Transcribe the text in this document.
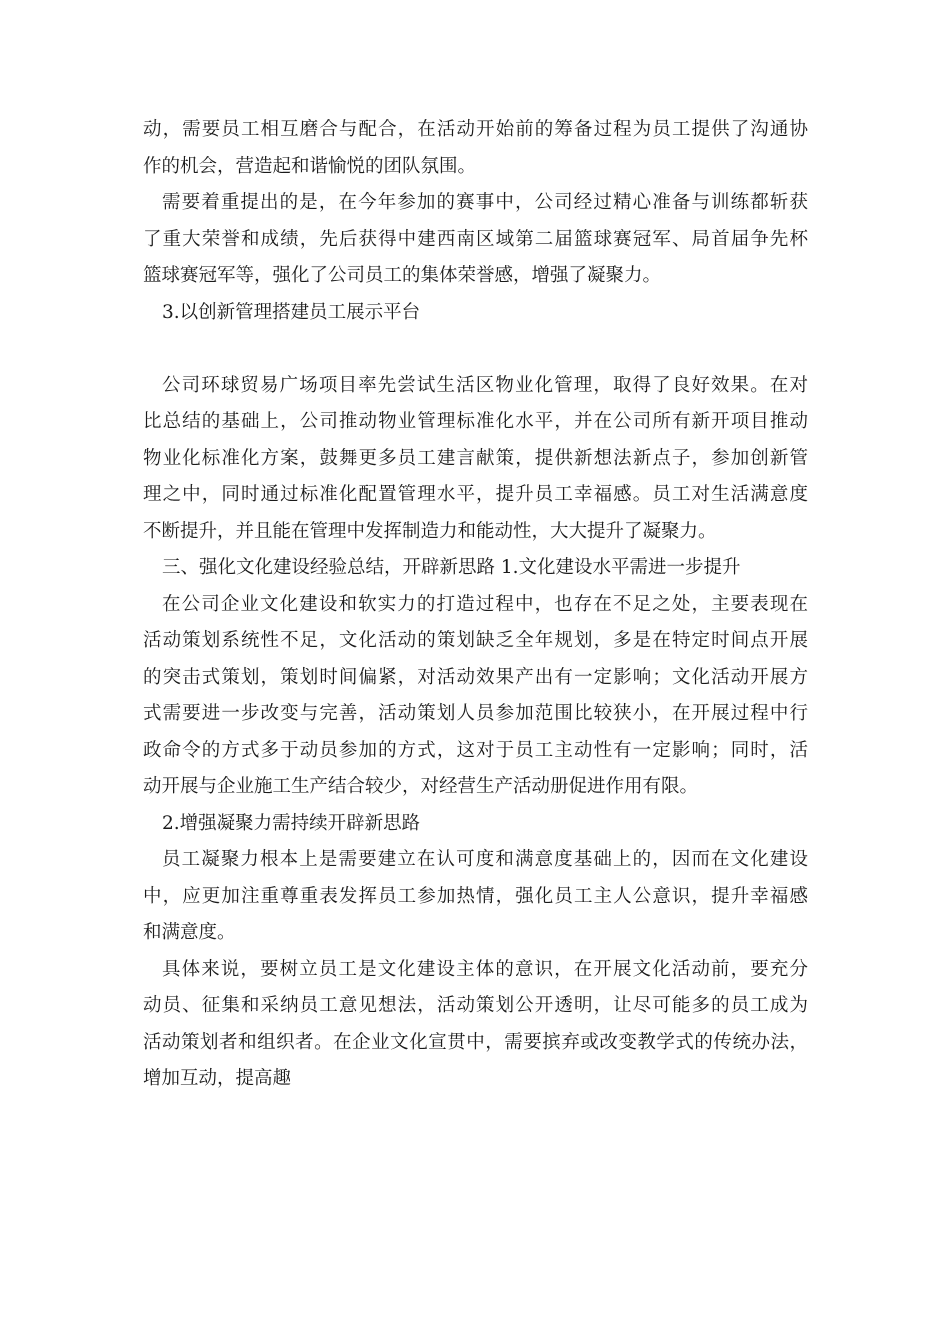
动，需要员工相互磨合与配合，在活动开始前的筹备过程为员工提供了沟通协
作的机会，营造起和谐愉悦的团队氛围。
需要着重提出的是，在今年参加的赛事中，公司经过精心准备与训练都斩获
了重大荣誉和成绩，先后获得中建西南区域第二届篮球赛冠军、局首届争先杯
篮球赛冠军等，强化了公司员工的集体荣誉感，增强了凝聚力。
3.以创新管理搭建员工展示平台
公司环球贸易广场项目率先尝试生活区物业化管理，取得了良好效果。在对
比总结的基础上，公司推动物业管理标准化水平，并在公司所有新开项目推动
物业化标准化方案，鼓舞更多员工建言献策，提供新想法新点子，参加创新管
理之中，同时通过标准化配置管理水平，提升员工幸福感。员工对生活满意度
不断提升，并且能在管理中发挥制造力和能动性，大大提升了凝聚力。
三、强化文化建设经验总结，开辟新思路 1.文化建设水平需进一步提升
在公司企业文化建设和软实力的打造过程中，也存在不足之处，主要表现在
活动策划系统性不足，文化活动的策划缺乏全年规划，多是在特定时间点开展
的突击式策划，策划时间偏紧，对活动效果产出有一定影响；文化活动开展方
式需要进一步改变与完善，活动策划人员参加范围比较狭小，在开展过程中行
政命令的方式多于动员参加的方式，这对于员工主动性有一定影响；同时，活
动开展与企业施工生产结合较少，对经营生产活动册促进作用有限。
2.增强凝聚力需持续开辟新思路
员工凝聚力根本上是需要建立在认可度和满意度基础上的，因而在文化建设
中，应更加注重尊重表发挥员工参加热情，强化员工主人公意识，提升幸福感
和满意度。
具体来说，要树立员工是文化建设主体的意识，在开展文化活动前，要充分
动员、征集和采纳员工意见想法，活动策划公开透明，让尽可能多的员工成为
活动策划者和组织者。在企业文化宣贯中，需要摈弃或改变教学式的传统办法，
增加互动，提高趣
